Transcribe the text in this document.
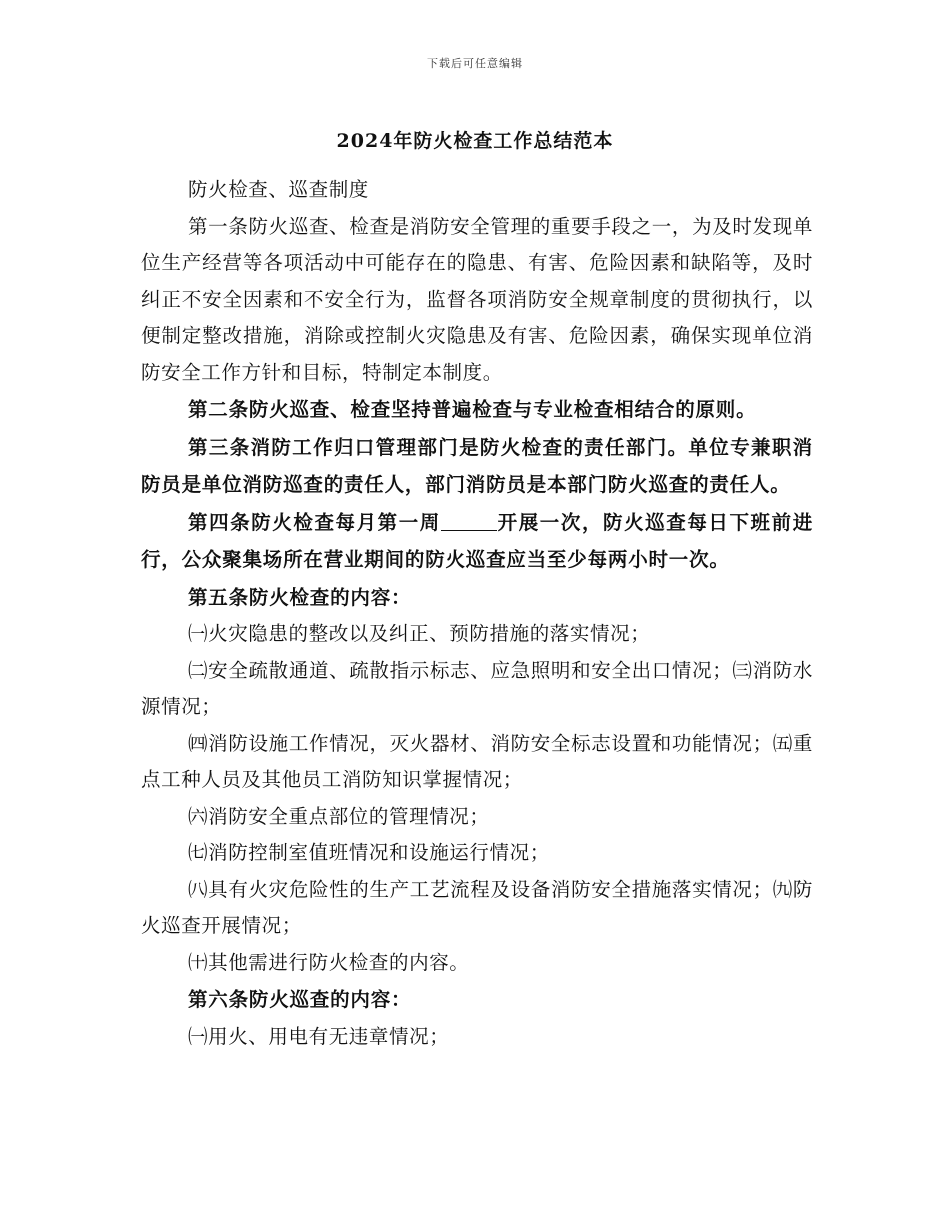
下载后可任意编辑
2024年防火检查工作总结范本

防火检查、巡查制度

第一条防火巡查、检查是消防安全管理的重要手段之一，为及时发现单位生产经营等各项活动中可能存在的隐患、有害、危险因素和缺陷等，及时纠正不安全因素和不安全行为，监督各项消防安全规章制度的贯彻执行，以便制定整改措施，消除或控制火灾隐患及有害、危险因素，确保实现单位消防安全工作方针和目标，特制定本制度。

第二条防火巡查、检查坚持普遍检查与专业检查相结合的原则。

第三条消防工作归口管理部门是防火检查的责任部门。单位专兼职消防员是单位消防巡查的责任人，部门消防员是本部门防火巡查的责任人。

第四条防火检查每月第一周	开展一次，防火巡查每日下班前进行，公众聚集场所在营业期间的防火巡查应当至少每两小时一次。

第五条防火检查的内容：

㈠火灾隐患的整改以及纠正、预防措施的落实情况；

㈡安全疏散通道、疏散指示标志、应急照明和安全出口情况；㈢消防水源情况；

㈣消防设施工作情况，灭火器材、消防安全标志设置和功能情况；㈤重点工种人员及其他员工消防知识掌握情况；

㈥消防安全重点部位的管理情况；

㈦消防控制室值班情况和设施运行情况；

㈧具有火灾危险性的生产工艺流程及设备消防安全措施落实情况；㈨防火巡查开展情况；

㈩其他需进行防火检查的内容。

第六条防火巡查的内容：

㈠用火、用电有无违章情况；
